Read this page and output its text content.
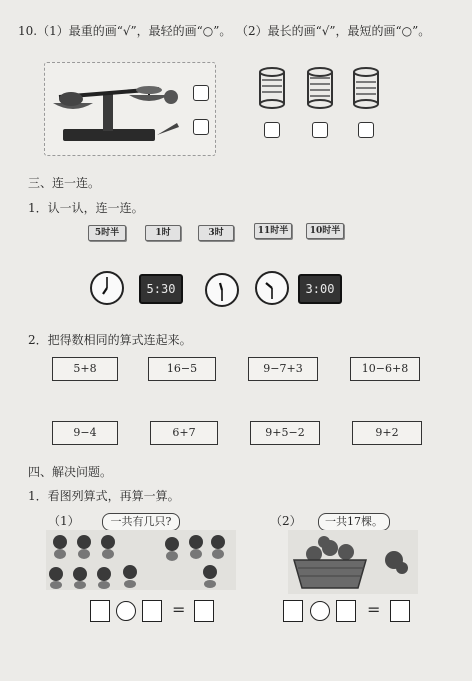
10.（1）最重的画“√”，最轻的画“○”。 （2）最长的画“√”，最短的画“○”。
三、连一连。
1．认一认，连一连。
5时半	1时	3时	11时半	10时半
5:30	3:00
2．把得数相同的算式连起来。
5+8	16−5	9−7+3	10−6+8
9−4	6+7	9+5−2	9+2
四、解决问题。
1．看图列算式，再算一算。
（1）	一共有几只?	（2）	一共17棵。
=	=
